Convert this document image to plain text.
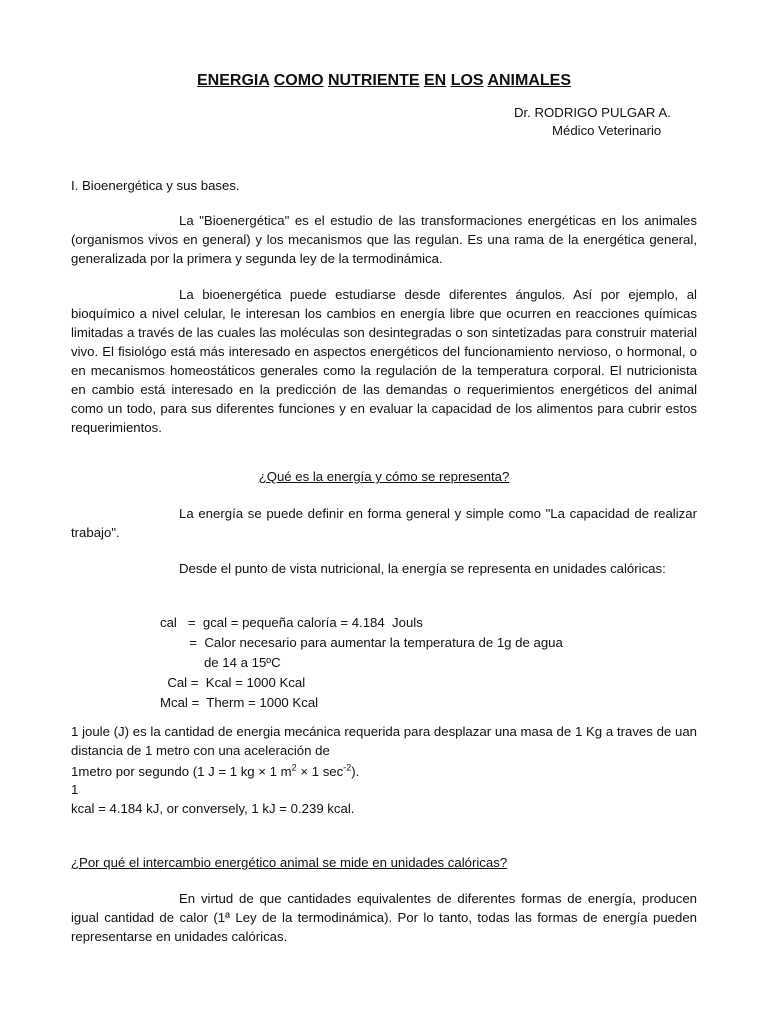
ENERGIA COMO NUTRIENTE EN LOS ANIMALES
Dr. RODRIGO PULGAR A.
Médico Veterinario
I. Bioenergética y sus bases.
La "Bioenergética" es el estudio de las transformaciones energéticas en los animales (organismos vivos en general) y los mecanismos que las regulan. Es una rama de la energética general, generalizada por la primera y segunda ley de la termodinámica.
La bioenergética puede estudiarse desde diferentes ángulos. Así por ejemplo, al bioquímico a nivel celular, le interesan los cambios en energía libre que ocurren en reacciones químicas limitadas a través de las cuales las moléculas son desintegradas o son sintetizadas para construir material vivo. El fisiológo está más interesado en aspectos energéticos del funcionamiento nervioso, o hormonal, o en mecanismos homeostáticos generales como la regulación de la temperatura corporal. El nutricionista en cambio está interesado en la predicción de las demandas o requerimientos energéticos del animal como un todo, para sus diferentes funciones y en evaluar la capacidad de los alimentos para cubrir estos requerimientos.
¿Qué es la energía y cómo se representa?
La energía se puede definir en forma general y simple como "La capacidad de realizar trabajo".
Desde el punto de vista nutricional, la energía se representa en unidades calóricas:
cal   =  gcal = pequeña caloría = 4.184  Jouls
=  Calor necesario para aumentar la temperatura de 1g de agua
de 14 a 15ºC
Cal =  Kcal = 1000 Kcal
Mcal =  Therm = 1000 Kcal
1 joule (J) es la cantidad de energia mecánica requerida para desplazar una masa de 1 Kg a traves de uan distancia de 1 metro con una aceleración de
1metro por segundo (1 J = 1 kg × 1 $m^2 \times 1$ $\sec^{-2}$).
1
kcal = 4.184 kJ, or conversely, 1 kJ = 0.239 kcal.
¿Por qué el intercambio energético animal se mide en unidades calóricas?
En virtud de que cantidades equivalentes de diferentes formas de energía, producen igual cantidad de calor (1ª Ley de la termodinámica). Por lo tanto, todas las formas de energía pueden representarse en unidades calóricas.
